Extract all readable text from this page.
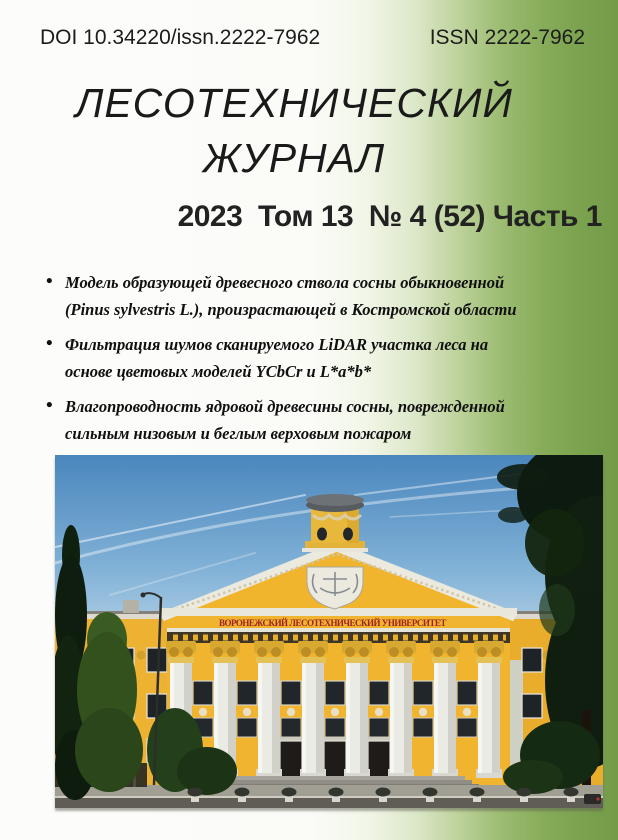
DOI 10.34220/issn.2222-7962	ISSN 2222-7962
ЛЕСОТЕХНИЧЕСКИЙ
ЖУРНАЛ
2023  Том 13  № 4 (52) Часть 1
• Модель образующей древесного ствола сосны обыкновенной (Pinus sylvestris L.), произрастающей в Костромской области
• Фильтрация шумов сканируемого LiDAR участка леса на основе цветовых моделей YCbCr и L*a*b*
• Влагопроводность ядровой древесины сосны, поврежденной сильным низовым и беглым верховым пожаром
ВОРОНЕЖСКИЙ ЛЕСОТЕХНИЧЕСКИЙ УНИВЕРСИТЕТ
